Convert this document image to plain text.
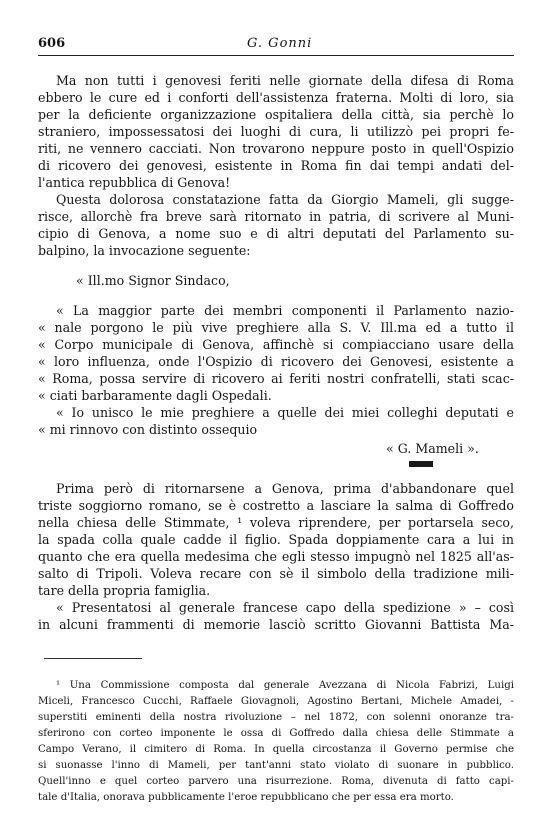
606	G. Gonni
Ma non tutti i genovesi feriti nelle giornate della difesa di Roma
ebbero le cure ed i conforti dell'assistenza fraterna. Molti di loro, sia
per la deficiente organizzazione ospitaliera della città, sia perchè lo
straniero, impossessatosi dei luoghi di cura, li utilizzò pei propri fe-
riti, ne vennero cacciati. Non trovarono neppure posto in quell'Ospizio
di ricovero dei genovesi, esistente in Roma fin dai tempi andati del-
l'antica repubblica di Genova!
Questa dolorosa constatazione fatta da Giorgio Mameli, gli sugge-
risce, allorchè fra breve sarà ritornato in patria, di scrivere al Muni-
cipio di Genova, a nome suo e di altri deputati del Parlamento su-
balpino, la invocazione seguente:
« Ill.mo Signor Sindaco,
« La maggior parte dei membri componenti il Parlamento nazio-
« nale porgono le più vive preghiere alla S. V. Ill.ma ed a tutto il
« Corpo municipale di Genova, affinchè si compiacciano usare della
« loro influenza, onde l'Ospizio di ricovero dei Genovesi, esistente a
« Roma, possa servire di ricovero ai feriti nostri confratelli, stati scac-
« ciati barbaramente dagli Ospedali.
« Io unisco le mie preghiere a quelle dei miei colleghi deputati e
« mi rinnovo con distinto ossequio
« G. Mameli ».
Prima però di ritornarsene a Genova, prima d'abbandonare quel
triste soggiorno romano, se è costretto a lasciare la salma di Goffredo
nella chiesa delle Stimmate, ¹ voleva riprendere, per portarsela seco,
la spada colla quale cadde il figlio. Spada doppiamente cara a lui in
quanto che era quella medesima che egli stesso impugnò nel 1825 all'as-
salto di Tripoli. Voleva recare con sè il simbolo della tradizione mili-
tare della propria famiglia.
« Presentatosi al generale francese capo della spedizione » – così
in alcuni frammenti di memorie lasciò scritto Giovanni Battista Ma-
¹ Una Commissione composta dal generale Avezzana di Nicola Fabrizi, Luigi
Miceli, Francesco Cucchi, Raffaele Giovagnoli, Agostino Bertani, Michele Amadei, -
superstiti eminenti della nostra rivoluzione – nel 1872, con solenni onoranze tra-
sferirono con corteo imponente le ossa di Goffredo dalla chiesa delle Stimmate a
Campo Verano, il cimitero di Roma. In quella circostanza il Governo permise che
si suonasse l'inno di Mameli, per tant'anni stato violato di suonare in pubblico.
Quell'inno e quel corteo parvero una risurrezione. Roma, divenuta di fatto capi-
tale d'Italia, onorava pubblicamente l'eroe repubblicano che per essa era morto.
